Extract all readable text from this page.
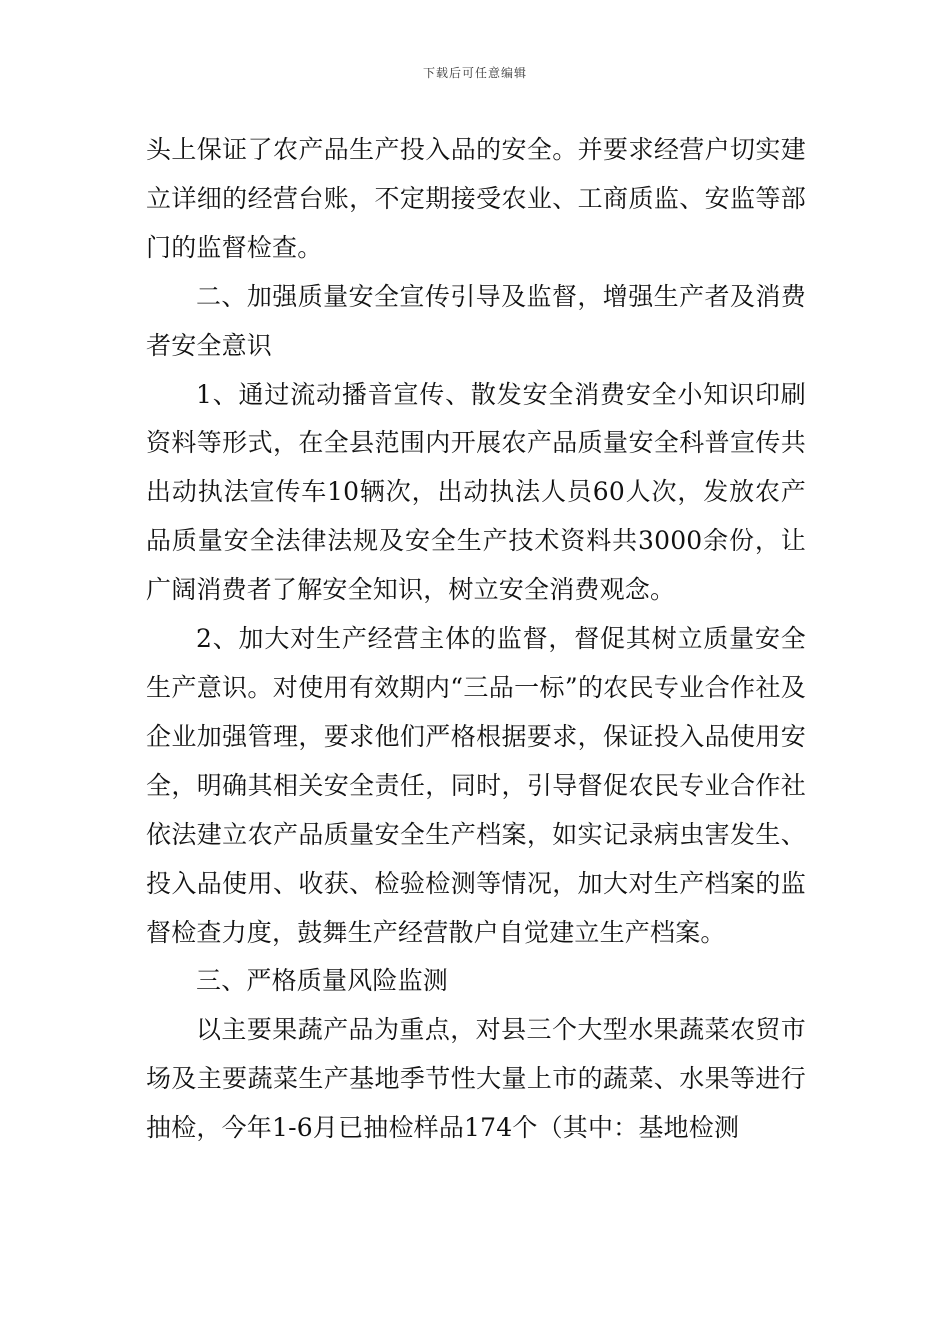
下载后可任意编辑

头上保证了农产品生产投入品的安全。并要求经营户切实建立详细的经营台账，不定期接受农业、工商质监、安监等部门的监督检查。

二、加强质量安全宣传引导及监督，增强生产者及消费者安全意识

1、通过流动播音宣传、散发安全消费安全小知识印刷资料等形式，在全县范围内开展农产品质量安全科普宣传共出动执法宣传车10辆次，出动执法人员60人次，发放农产品质量安全法律法规及安全生产技术资料共3000余份，让广阔消费者了解安全知识，树立安全消费观念。

2、加大对生产经营主体的监督，督促其树立质量安全生产意识。对使用有效期内“三品一标”的农民专业合作社及企业加强管理，要求他们严格根据要求，保证投入品使用安全，明确其相关安全责任，同时，引导督促农民专业合作社依法建立农产品质量安全生产档案，如实记录病虫害发生、投入品使用、收获、检验检测等情况，加大对生产档案的监督检查力度，鼓舞生产经营散户自觉建立生产档案。

三、严格质量风险监测

以主要果蔬产品为重点，对县三个大型水果蔬菜农贸市场及主要蔬菜生产基地季节性大量上市的蔬菜、水果等进行抽检，今年1-6月已抽检样品174个（其中：基地检测
